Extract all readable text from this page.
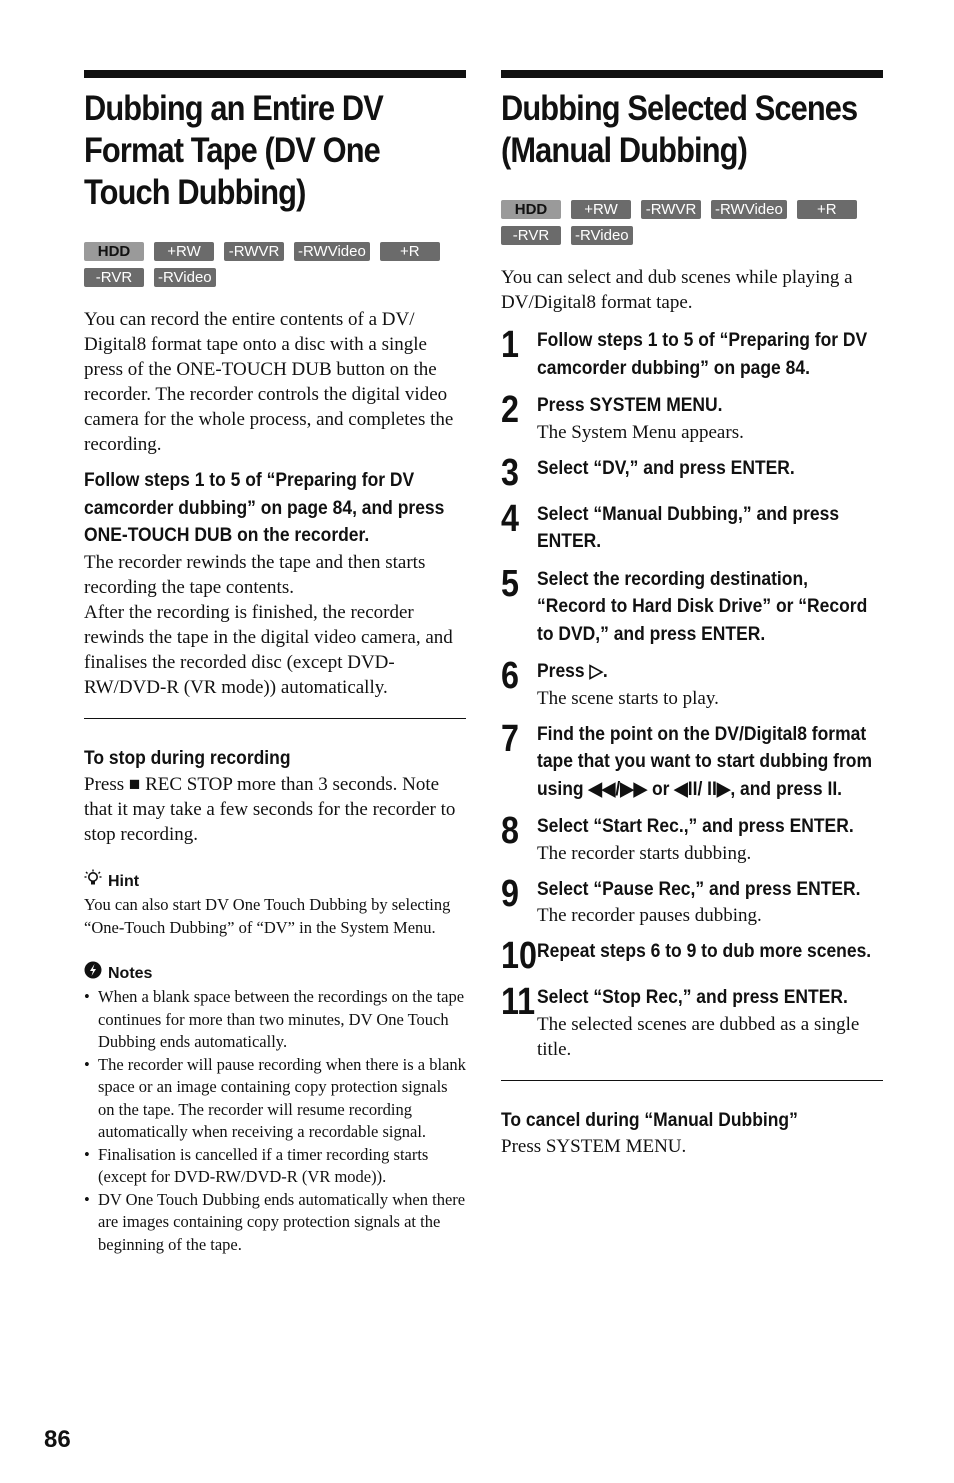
Dubbing an Entire DV Format Tape (DV One Touch Dubbing)
HDD	+RW	-RWVR	-RWVideo	+R
-RVR	-RVideo

You can record the entire contents of a DV/ Digital8 format tape onto a disc with a single press of the ONE-TOUCH DUB button on the recorder. The recorder controls the digital video camera for the whole process, and completes the recording.

Follow steps 1 to 5 of “Preparing for DV camcorder dubbing” on page 84, and press ONE-TOUCH DUB on the recorder.

The recorder rewinds the tape and then starts recording the tape contents.

After the recording is finished, the recorder rewinds the tape in the digital video camera, and finalises the recorded disc (except DVD-RW/DVD-R (VR mode)) automatically.

To stop during recording

Press ■ REC STOP more than 3 seconds. Note that it may take a few seconds for the recorder to stop recording.

Hint

You can also start DV One Touch Dubbing by selecting “One-Touch Dubbing” of “DV” in the System Menu.

Notes
• When a blank space between the recordings on the tape continues for more than two minutes, DV One Touch Dubbing ends automatically.
• The recorder will pause recording when there is a blank space or an image containing copy protection signals on the tape. The recorder will resume recording automatically when receiving a recordable signal.
• Finalisation is cancelled if a timer recording starts (except for DVD-RW/DVD-R (VR mode)).
• DV One Touch Dubbing ends automatically when there are images containing copy protection signals at the beginning of the tape.
Dubbing Selected Scenes (Manual Dubbing)
HDD	+RW	-RWVR	-RWVideo	+R
-RVR	-RVideo

You can select and dub scenes while playing a DV/Digital8 format tape.

1 Follow steps 1 to 5 of “Preparing for DV camcorder dubbing” on page 84.
2 Press SYSTEM MENU.

The System Menu appears.

3 Select “DV,” and press ENTER.
4 Select “Manual Dubbing,” and press ENTER.
5 Select the recording destination, “Record to Hard Disk Drive” or “Record to DVD,” and press ENTER.
6 Press ▷.

The scene starts to play.

7 Find the point on the DV/Digital8 format tape that you want to start dubbing from using ◀◀/▶▶ or ◀II/ II▶, and press II.
8 Select “Start Rec.,” and press ENTER.

The recorder starts dubbing.

9 Select “Pause Rec,” and press ENTER.

The recorder pauses dubbing.

10 Repeat steps 6 to 9 to dub more scenes.
11 Select “Stop Rec,” and press ENTER.

The selected scenes are dubbed as a single title.

To cancel during “Manual Dubbing”

Press SYSTEM MENU.

86
